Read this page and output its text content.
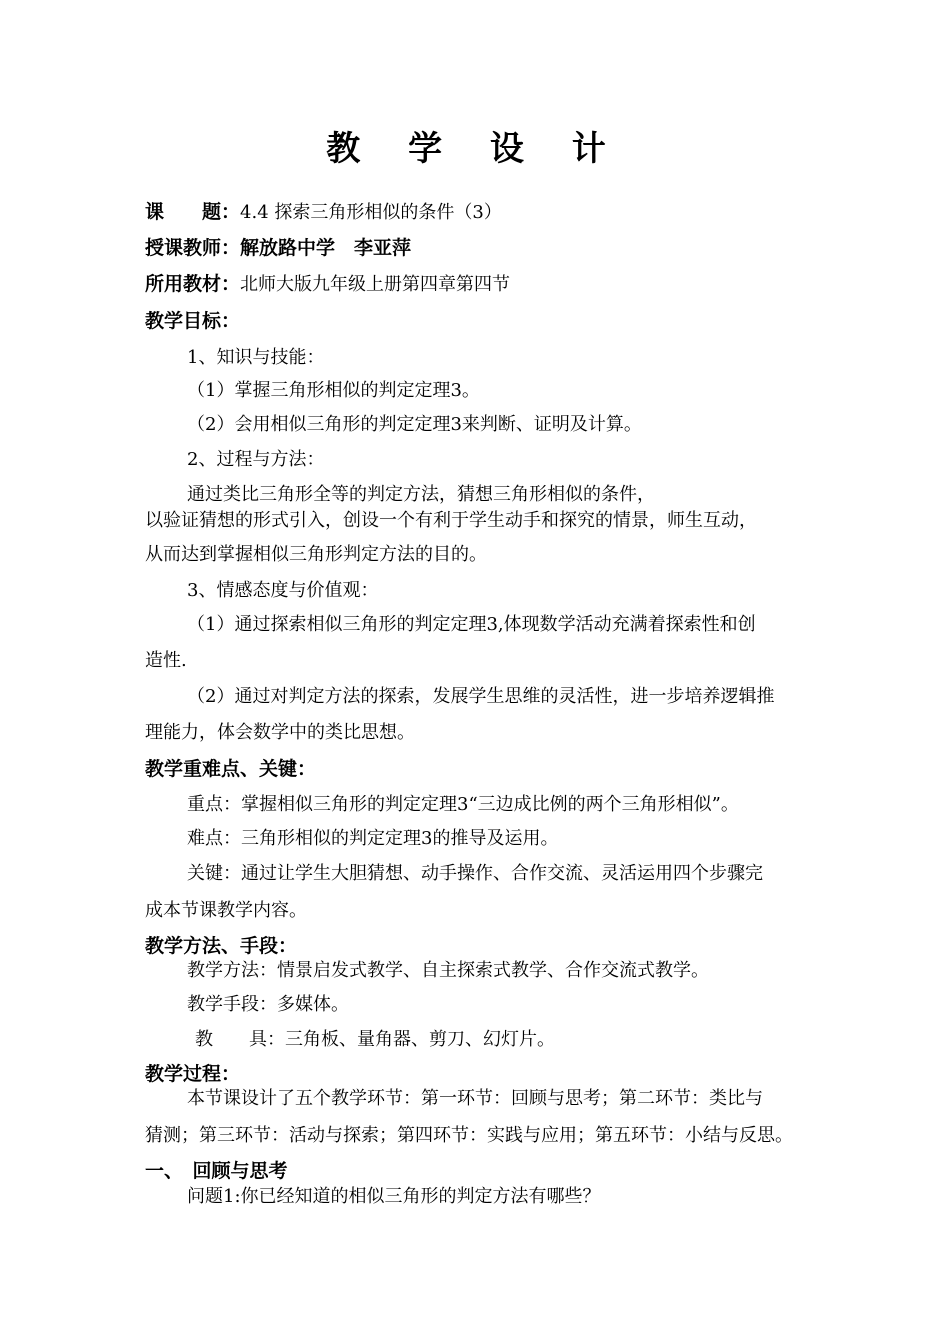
教 学 设 计
课　　题：4.4 探索三角形相似的条件（3）
授课教师：解放路中学　李亚萍
所用教材：北师大版九年级上册第四章第四节
教学目标：
1、知识与技能：
（1）掌握三角形相似的判定定理3。
（2）会用相似三角形的判定定理3来判断、证明及计算。
2、过程与方法：
通过类比三角形全等的判定方法，猜想三角形相似的条件，
以验证猜想的形式引入，创设一个有利于学生动手和探究的情景，师生互动，
从而达到掌握相似三角形判定方法的目的。
3、情感态度与价值观：
（1）通过探索相似三角形的判定定理3,体现数学活动充满着探索性和创
造性.
（2）通过对判定方法的探索，发展学生思维的灵活性，进一步培养逻辑推
理能力，体会数学中的类比思想。
教学重难点、关键：
重点：掌握相似三角形的判定定理3“三边成比例的两个三角形相似”。
难点：三角形相似的判定定理3的推导及运用。
关键：通过让学生大胆猜想、动手操作、合作交流、灵活运用四个步骤完
成本节课教学内容。
教学方法、手段：
教学方法：情景启发式教学、自主探索式教学、合作交流式教学。
教学手段：多媒体。
教　　具：三角板、量角器、剪刀、幻灯片。
教学过程：
本节课设计了五个教学环节：第一环节：回顾与思考；第二环节：类比与
猜测；第三环节：活动与探索；第四环节：实践与应用；第五环节：小结与反思。
一、　回顾与思考
问题1:你已经知道的相似三角形的判定方法有哪些？
